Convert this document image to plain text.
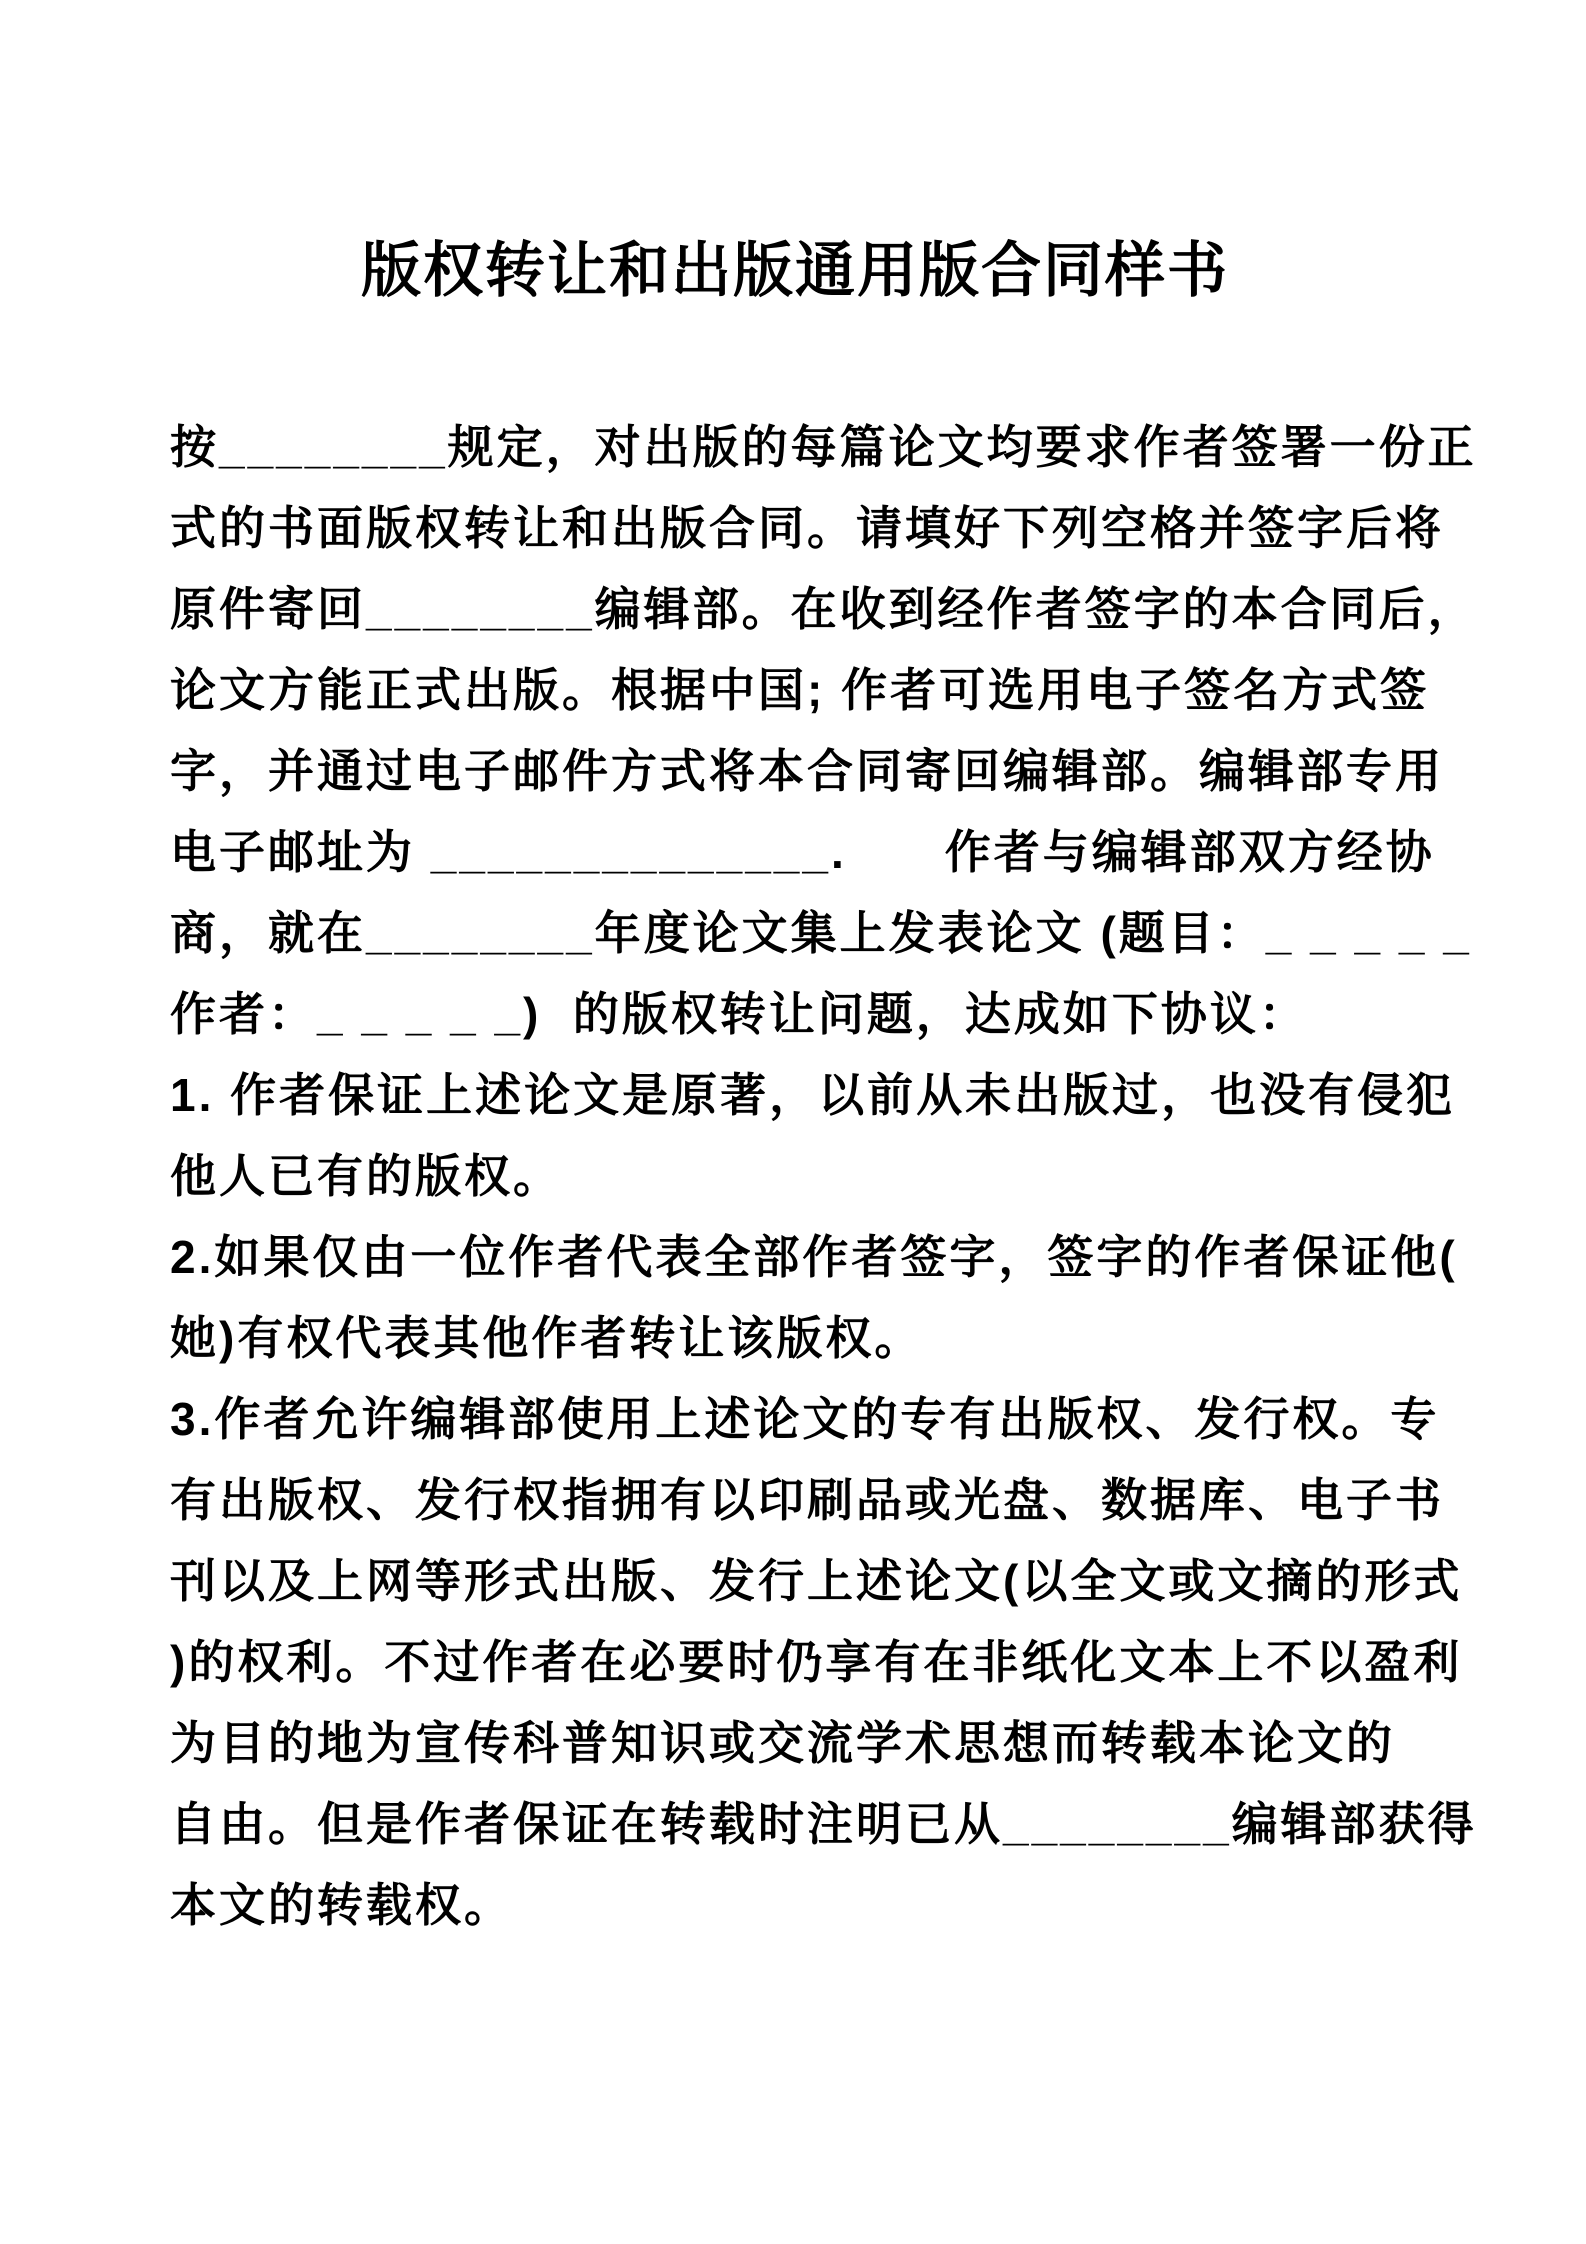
版权转让和出版通用版合同样书
按________规定，对出版的每篇论文均要求作者签署一份正
式的书面版权转让和出版合同。请填好下列空格并签字后将
原件寄回________编辑部。在收到经作者签字的本合同后，
论文方能正式出版。根据中国; 作者可选用电子签名方式签
字，并通过电子邮件方式将本合同寄回编辑部。编辑部专用
电子邮址为 ______________.　　作者与编辑部双方经协
商，就在________年度论文集上发表论文 (题目：_ _ _ _ _
作者：_ _ _ _ _)  的版权转让问题，达成如下协议：
1. 作者保证上述论文是原著，以前从未出版过，也没有侵犯
他人已有的版权。
2.如果仅由一位作者代表全部作者签字，签字的作者保证他(
她)有权代表其他作者转让该版权。
3.作者允许编辑部使用上述论文的专有出版权、发行权。专
有出版权、发行权指拥有以印刷品或光盘、数据库、电子书
刊以及上网等形式出版、发行上述论文(以全文或文摘的形式
)的权利。不过作者在必要时仍享有在非纸化文本上不以盈利
为目的地为宣传科普知识或交流学术思想而转载本论文的
自由。但是作者保证在转载时注明已从________编辑部获得
本文的转载权。
